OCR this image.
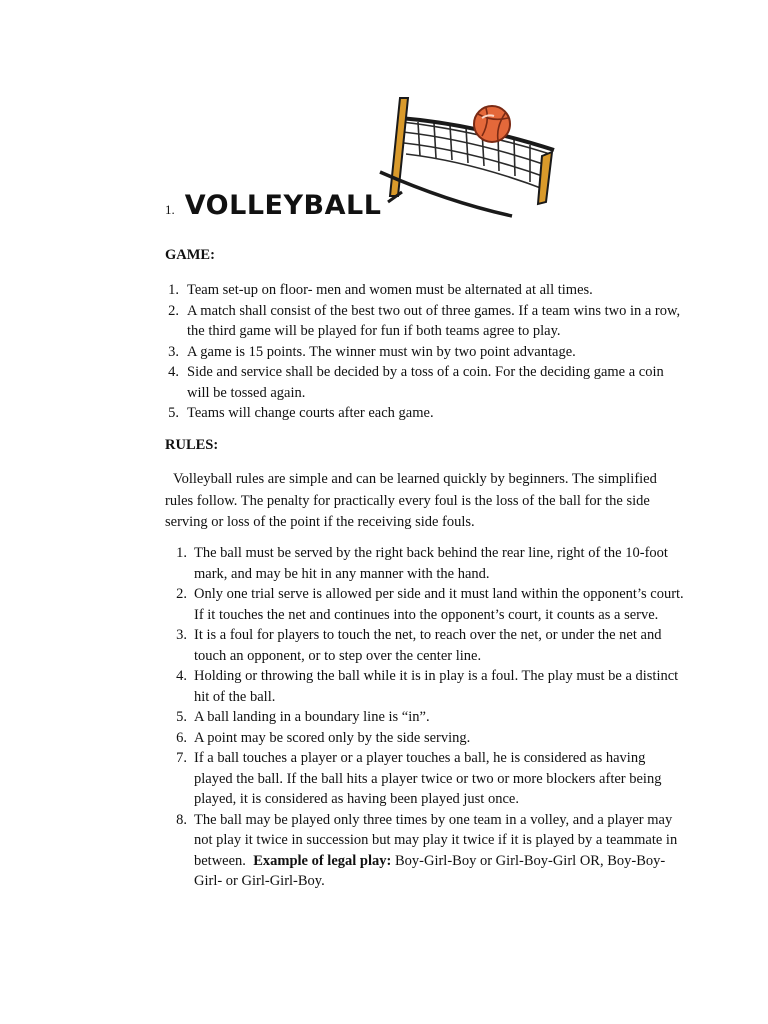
1. VOLLEYBALL
GAME:
1. Team set-up on floor- men and women must be alternated at all times.
2. A match shall consist of the best two out of three games. If a team wins two in a row, the third game will be played for fun if both teams agree to play.
3. A game is 15 points. The winner must win by two point advantage.
4. Side and service shall be decided by a toss of a coin. For the deciding game a coin will be tossed again.
5. Teams will change courts after each game.
RULES:

Volleyball rules are simple and can be learned quickly by beginners. The simplified rules follow. The penalty for practically every foul is the loss of the ball for the side serving or loss of the point if the receiving side fouls.

1. The ball must be served by the right back behind the rear line, right of the 10-foot mark, and may be hit in any manner with the hand.
2. Only one trial serve is allowed per side and it must land within the opponent’s court. If it touches the net and continues into the opponent’s court, it counts as a serve.
3. It is a foul for players to touch the net, to reach over the net, or under the net and touch an opponent, or to step over the center line.
4. Holding or throwing the ball while it is in play is a foul. The play must be a distinct hit of the ball.
5. A ball landing in a boundary line is “in”.
6. A point may be scored only by the side serving.
7. If a ball touches a player or a player touches a ball, he is considered as having played the ball. If the ball hits a player twice or two or more blockers after being played, it is considered as having been played just once.
8. The ball may be played only three times by one team in a volley, and a player may not play it twice in succession but may play it twice if it is played by a teammate in between. Example of legal play: Boy-Girl-Boy or Girl-Boy-Girl OR, Boy-Boy-Girl- or Girl-Girl-Boy.
